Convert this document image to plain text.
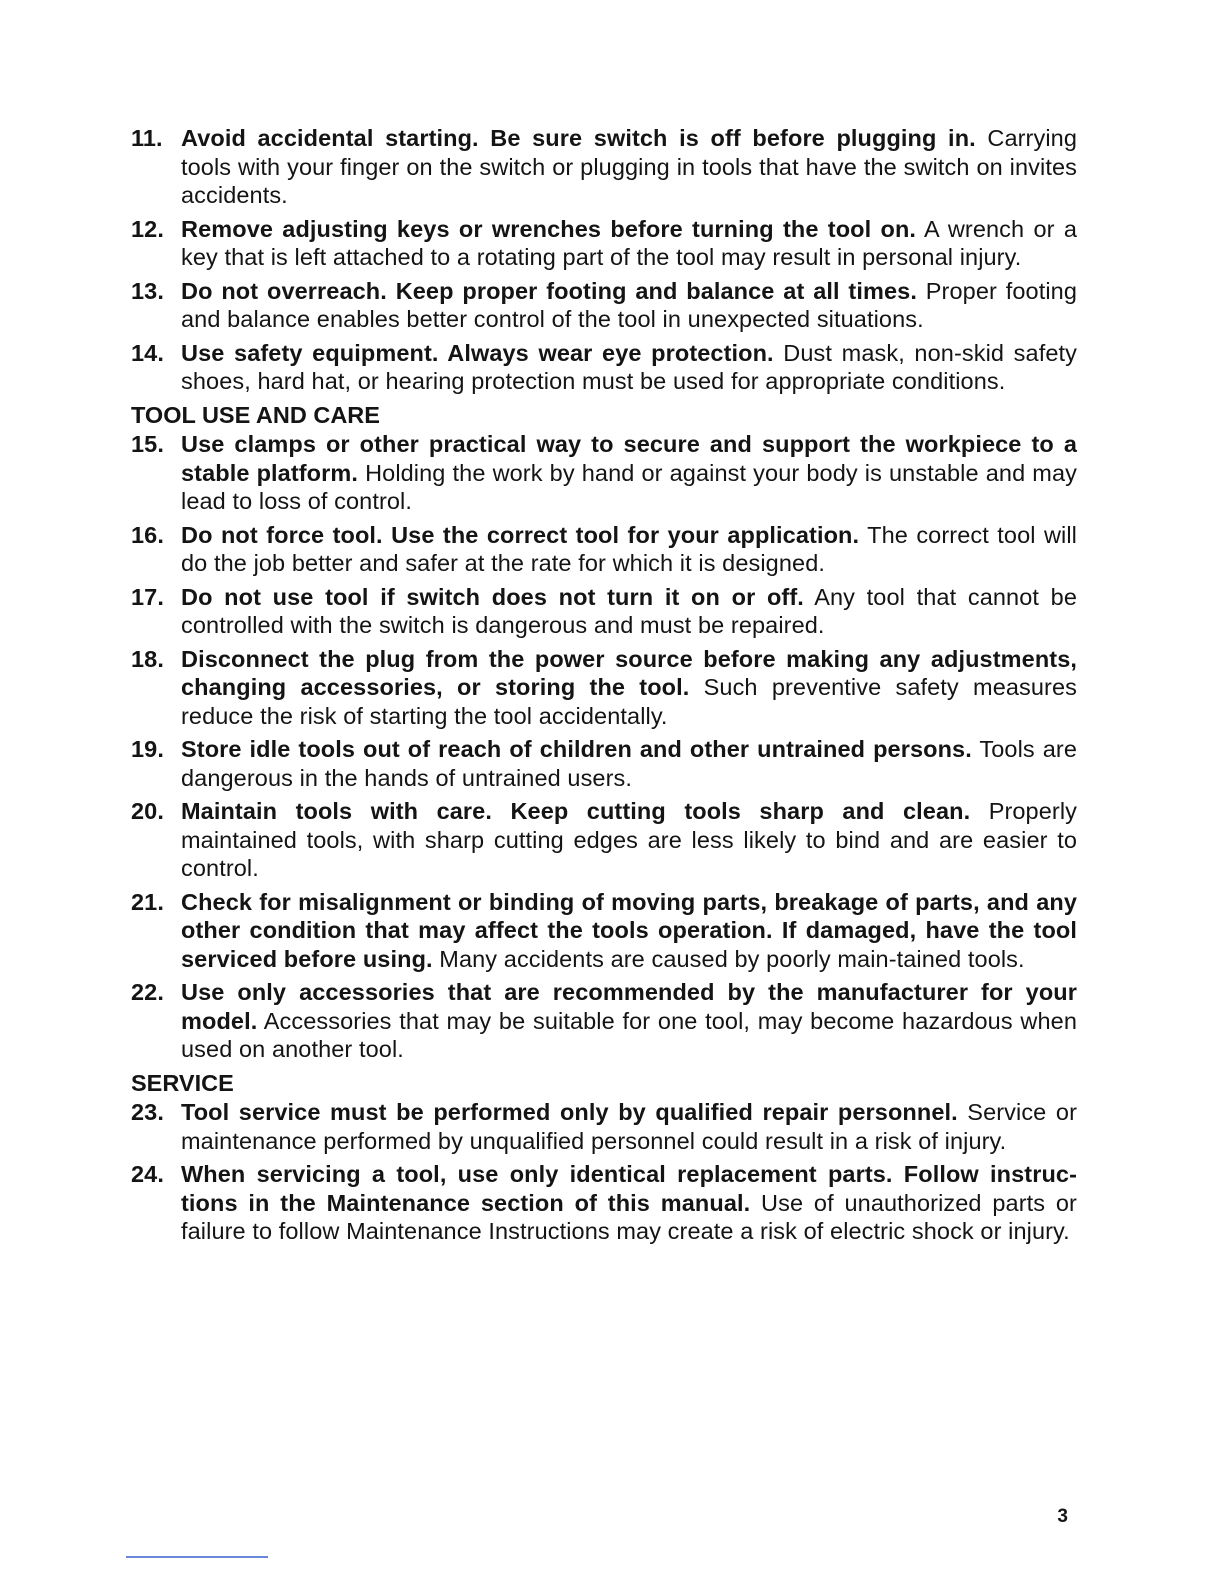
11. Avoid accidental starting. Be sure switch is off before plugging in. Carrying tools with your finger on the switch or plugging in tools that have the switch on invites accidents.
12. Remove adjusting keys or wrenches before turning the tool on. A wrench or a key that is left attached to a rotating part of the tool may result in personal injury.
13. Do not overreach. Keep proper footing and balance at all times. Proper footing and balance enables better control of the tool in unexpected situations.
14. Use safety equipment. Always wear eye protection. Dust mask, non-skid safety shoes, hard hat, or hearing protection must be used for appropriate conditions.
TOOL USE AND CARE
15. Use clamps or other practical way to secure and support the workpiece to a stable platform. Holding the work by hand or against your body is unstable and may lead to loss of control.
16. Do not force tool. Use the correct tool for your application. The correct tool will do the job better and safer at the rate for which it is designed.
17. Do not use tool if switch does not turn it on or off. Any tool that cannot be controlled with the switch is dangerous and must be repaired.
18. Disconnect the plug from the power source before making any adjustments, changing accessories, or storing the tool. Such preventive safety measures reduce the risk of starting the tool accidentally.
19. Store idle tools out of reach of children and other untrained persons. Tools are dangerous in the hands of untrained users.
20. Maintain tools with care. Keep cutting tools sharp and clean. Properly maintained tools, with sharp cutting edges are less likely to bind and are easier to control.
21. Check for misalignment or binding of moving parts, breakage of parts, and any other condition that may affect the tools operation. If damaged, have the tool serviced before using. Many accidents are caused by poorly main-tained tools.
22. Use only accessories that are recommended by the manufacturer for your model. Accessories that may be suitable for one tool, may become hazardous when used on another tool.
SERVICE
23. Tool service must be performed only by qualified repair personnel. Service or maintenance performed by unqualified personnel could result in a risk of injury.
24. When servicing a tool, use only identical replacement parts. Follow instruc-tions in the Maintenance section of this manual. Use of unauthorized parts or failure to follow Maintenance Instructions may create a risk of electric shock or injury.
3
